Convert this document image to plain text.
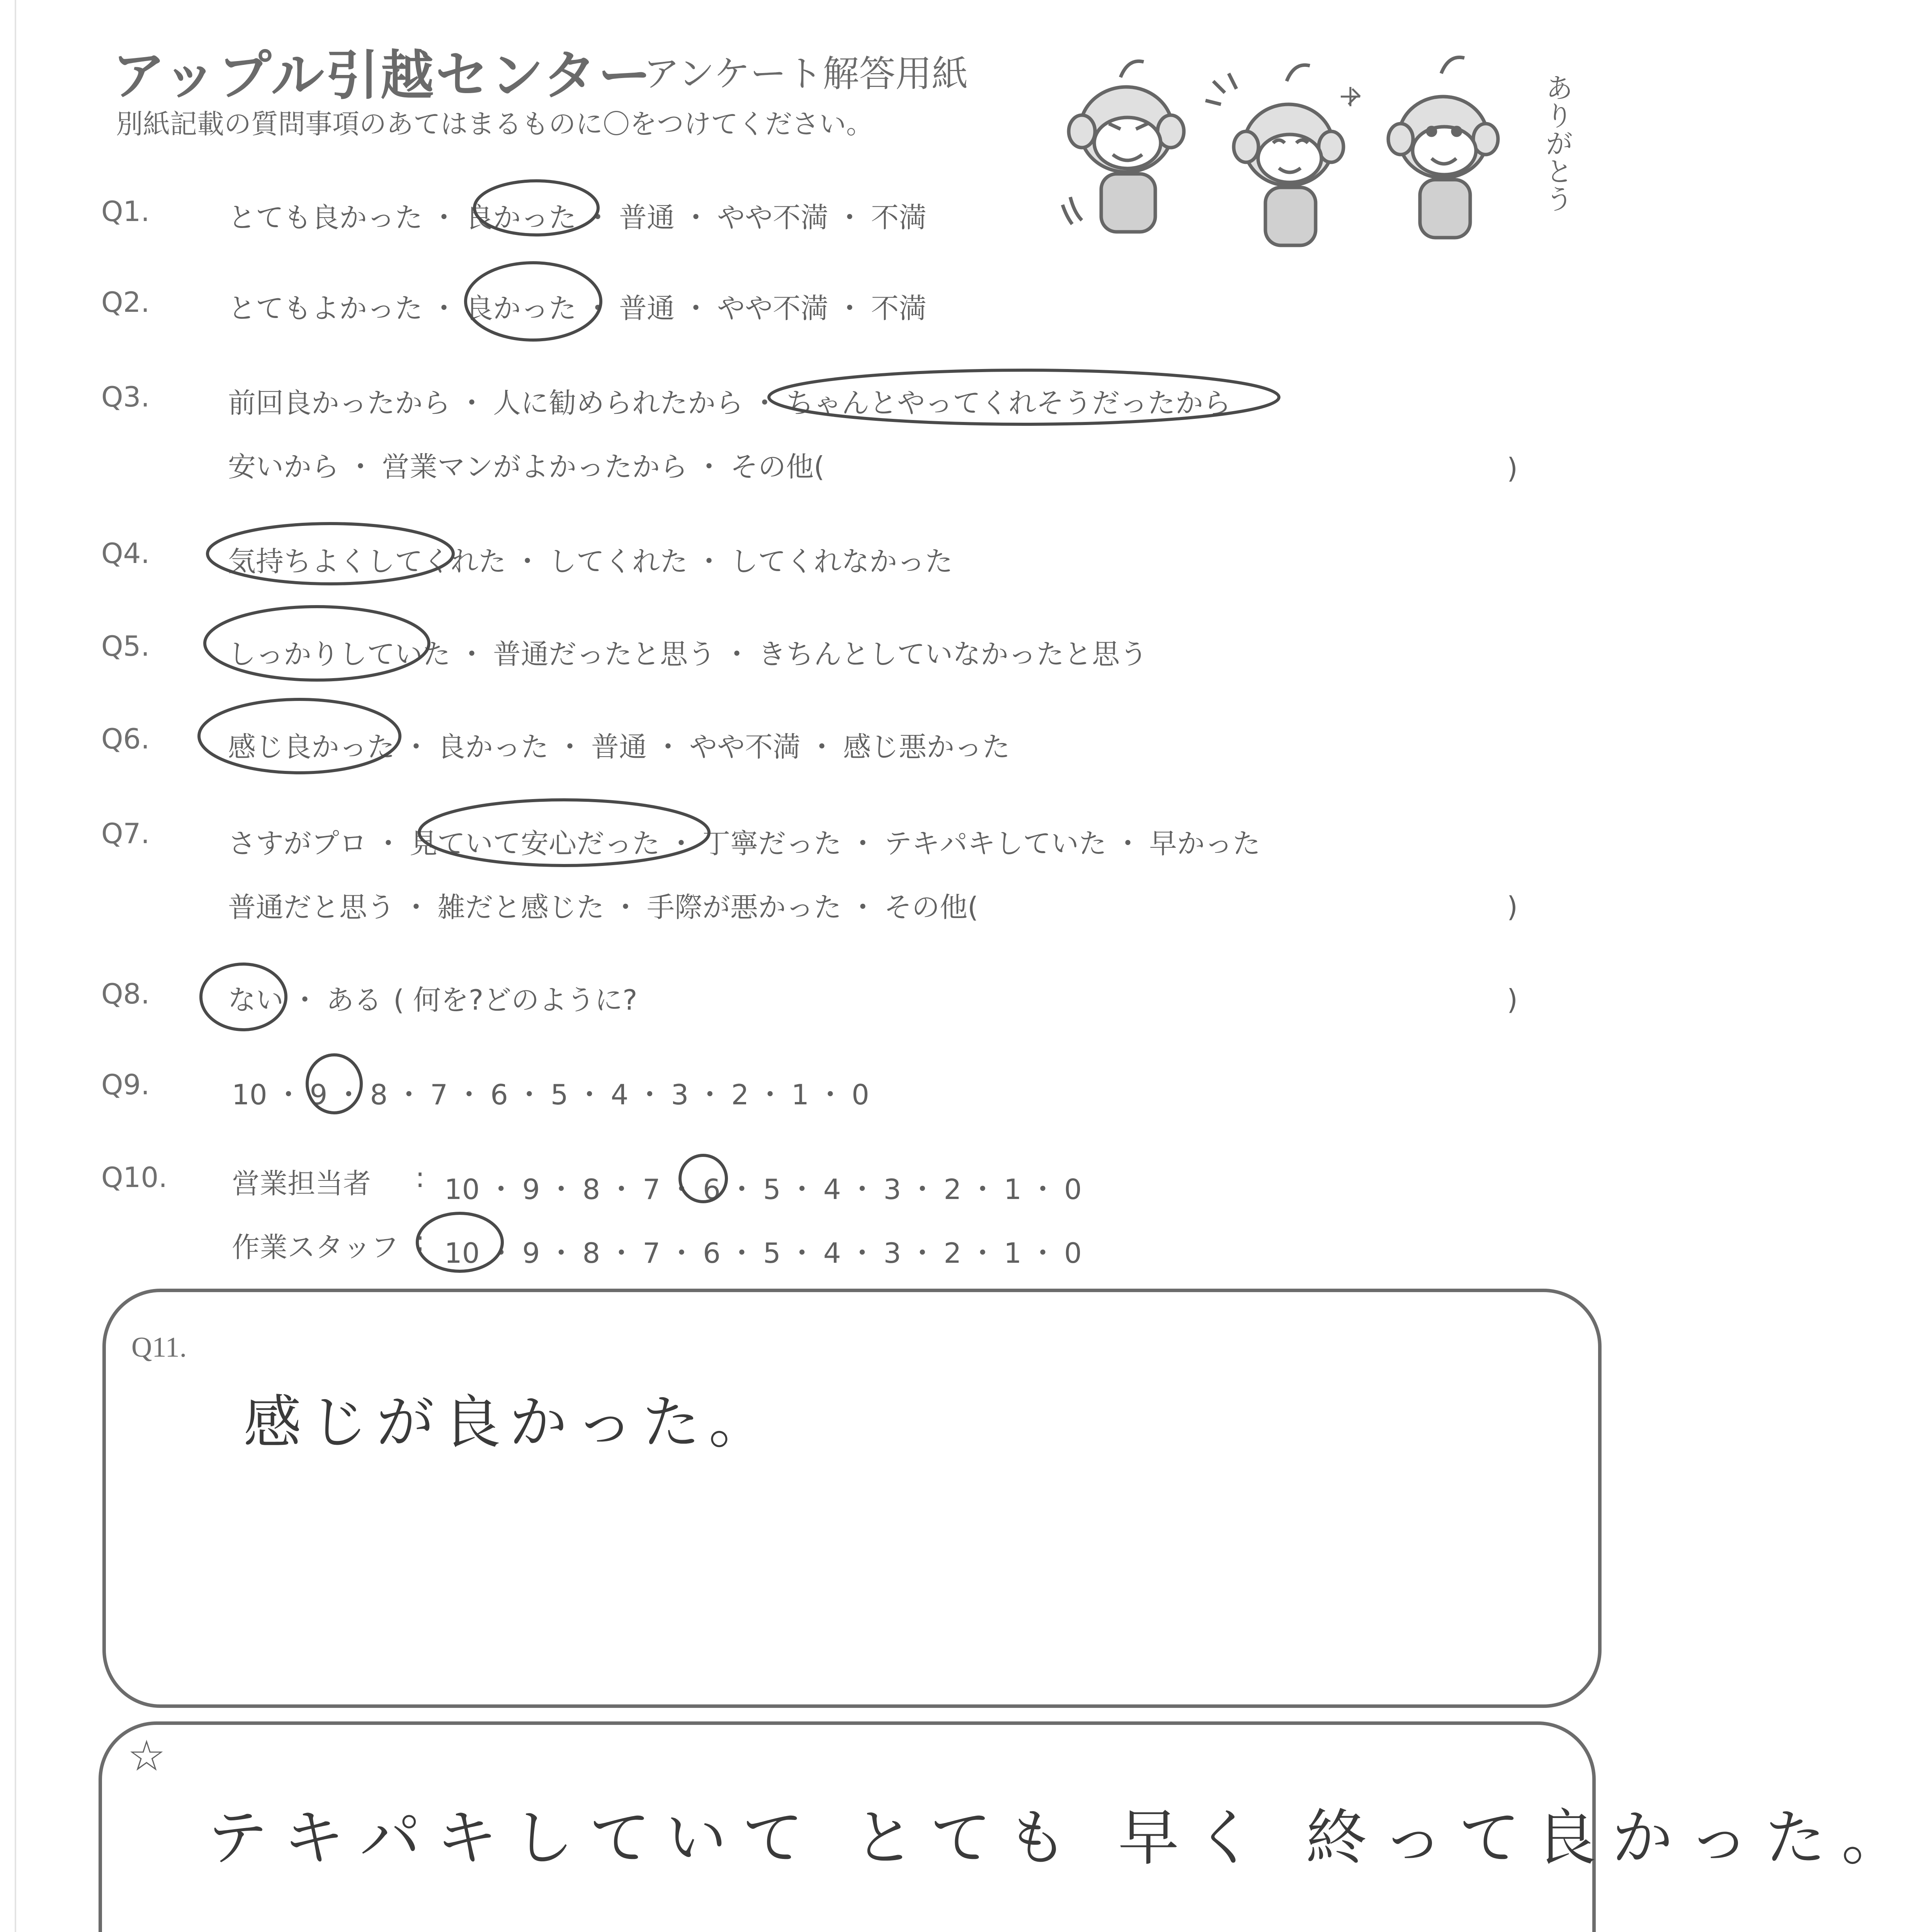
アップル引越センター
アンケート解答用紙
別紙記載の質問事項のあてはまるものに〇をつけてください。	ありがとう
Q1.	とても良かった ・ 良かった ・ 普通 ・ やや不満 ・ 不満
Q2.	とてもよかった ・ 良かった ・ 普通 ・ やや不満 ・ 不満
Q3.	前回良かったから ・ 人に勧められたから ・ ちゃんとやってくれそうだったから
安いから ・ 営業マンがよかったから ・ その他(	)
Q4.	気持ちよくしてくれた ・ してくれた ・ してくれなかった
Q5.	しっかりしていた ・ 普通だったと思う ・ きちんとしていなかったと思う
Q6.	感じ良かった ・ 良かった ・ 普通 ・ やや不満 ・ 感じ悪かった
Q7.	さすがプロ ・ 見ていて安心だった ・ 丁寧だった ・ テキパキしていた ・ 早かった
普通だと思う ・ 雑だと感じた ・ 手際が悪かった ・ その他(	)
Q8.	ない ・ ある ( 何を?どのように?	)
Q9.	10 ・ 9 ・ 8 ・ 7 ・ 6 ・ 5 ・ 4 ・ 3 ・ 2 ・ 1 ・ 0
Q10. 営業担当者 : 10 ・ 9 ・ 8 ・ 7 ・ 6 ・ 5 ・ 4 ・ 3 ・ 2 ・ 1 ・ 0
作業スタッフ : 10 ・ 9 ・ 8 ・ 7 ・ 6 ・ 5 ・ 4 ・ 3 ・ 2 ・ 1 ・ 0
Q11.
感じが良かった。
☆
テキパキしていて とても 早く 終って良かった。
